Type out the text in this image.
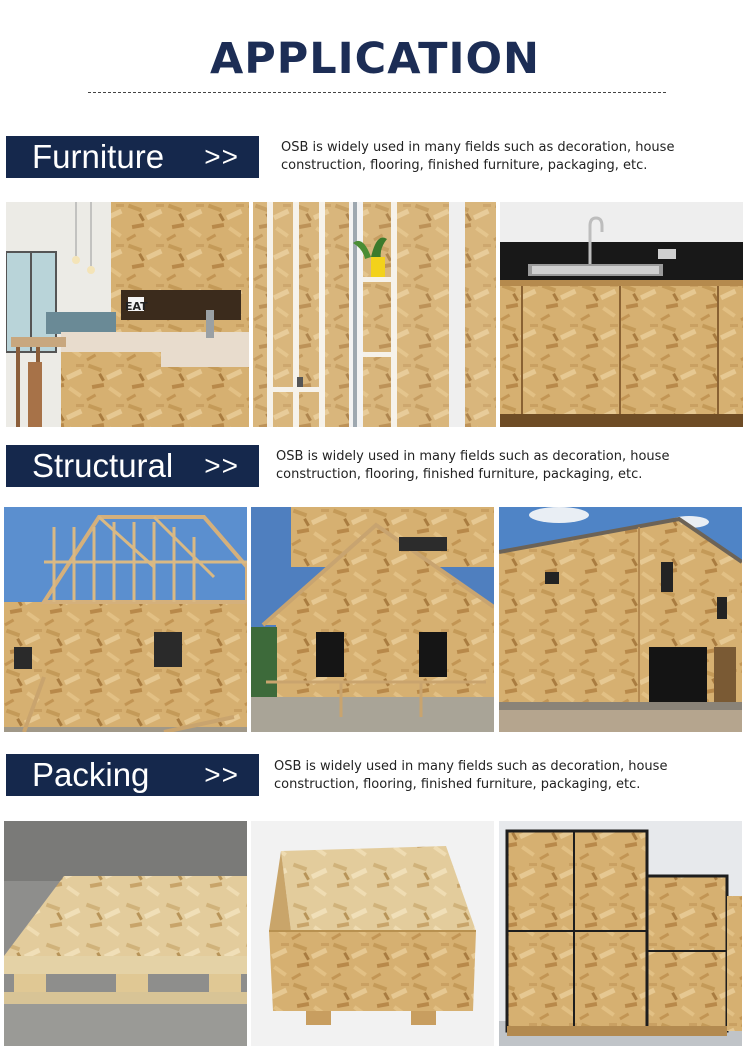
APPLICATION
Furniture >>	OSB is widely used in many fields such as decoration, house construction, flooring, finished furniture, packaging, etc.
EAT
Structural >>	OSB is widely used in many fields such as decoration, house construction, flooring, finished furniture, packaging, etc.
Packing >>	OSB is widely used in many fields such as decoration, house construction, flooring, finished furniture, packaging, etc.
